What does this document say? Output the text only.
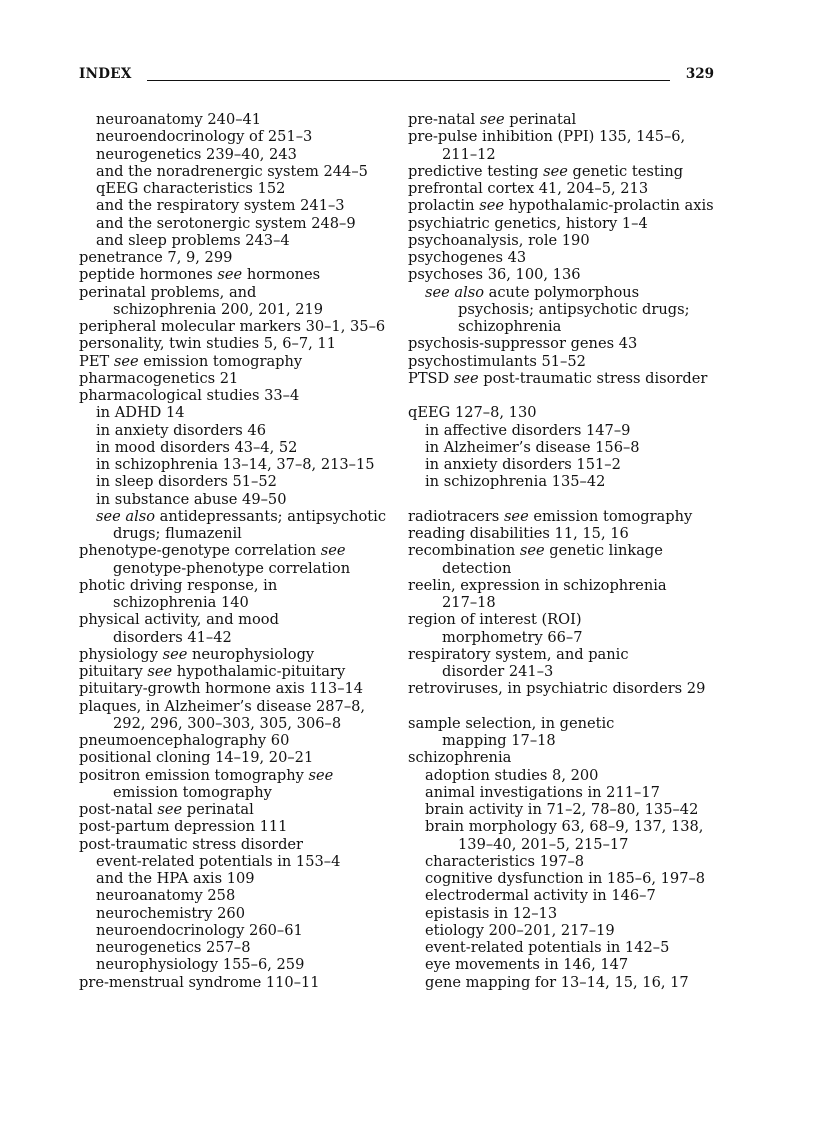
INDEX	329
neuroanatomy 240–41
neuroendocrinology of 251–3
neurogenetics 239–40, 243
and the noradrenergic system 244–5
qEEG characteristics 152
and the respiratory system 241–3
and the serotonergic system 248–9
and sleep problems 243–4
penetrance 7, 9, 299
peptide hormones see hormones
perinatal problems, and
schizophrenia 200, 201, 219
peripheral molecular markers 30–1, 35–6
personality, twin studies 5, 6–7, 11
PET see emission tomography
pharmacogenetics 21
pharmacological studies 33–4
in ADHD 14
in anxiety disorders 46
in mood disorders 43–4, 52
in schizophrenia 13–14, 37–8, 213–15
in sleep disorders 51–52
in substance abuse 49–50
see also antidepressants; antipsychotic
drugs; flumazenil
phenotype-genotype correlation see
genotype-phenotype correlation
photic driving response, in
schizophrenia 140
physical activity, and mood
disorders 41–42
physiology see neurophysiology
pituitary see hypothalamic-pituitary
pituitary-growth hormone axis 113–14
plaques, in Alzheimer’s disease 287–8,
292, 296, 300–303, 305, 306–8
pneumoencephalography 60
positional cloning 14–19, 20–21
positron emission tomography see
emission tomography
post-natal see perinatal
post-partum depression 111
post-traumatic stress disorder
event-related potentials in 153–4
and the HPA axis 109
neuroanatomy 258
neurochemistry 260
neuroendocrinology 260–61
neurogenetics 257–8
neurophysiology 155–6, 259
pre-menstrual syndrome 110–11
pre-natal see perinatal
pre-pulse inhibition (PPI) 135, 145–6,
211–12
predictive testing see genetic testing
prefrontal cortex 41, 204–5, 213
prolactin see hypothalamic-prolactin axis
psychiatric genetics, history 1–4
psychoanalysis, role 190
psychogenes 43
psychoses 36, 100, 136
see also acute polymorphous
psychosis; antipsychotic drugs;
schizophrenia
psychosis-suppressor genes 43
psychostimulants 51–52
PTSD see post-traumatic stress disorder
qEEG 127–8, 130
in affective disorders 147–9
in Alzheimer’s disease 156–8
in anxiety disorders 151–2
in schizophrenia 135–42
radiotracers see emission tomography
reading disabilities 11, 15, 16
recombination see genetic linkage
detection
reelin, expression in schizophrenia
217–18
region of interest (ROI)
morphometry 66–7
respiratory system, and panic
disorder 241–3
retroviruses, in psychiatric disorders 29
sample selection, in genetic
mapping 17–18
schizophrenia
adoption studies 8, 200
animal investigations in 211–17
brain activity in 71–2, 78–80, 135–42
brain morphology 63, 68–9, 137, 138,
139–40, 201–5, 215–17
characteristics 197–8
cognitive dysfunction in 185–6, 197–8
electrodermal activity in 146–7
epistasis in 12–13
etiology 200–201, 217–19
event-related potentials in 142–5
eye movements in 146, 147
gene mapping for 13–14, 15, 16, 17
